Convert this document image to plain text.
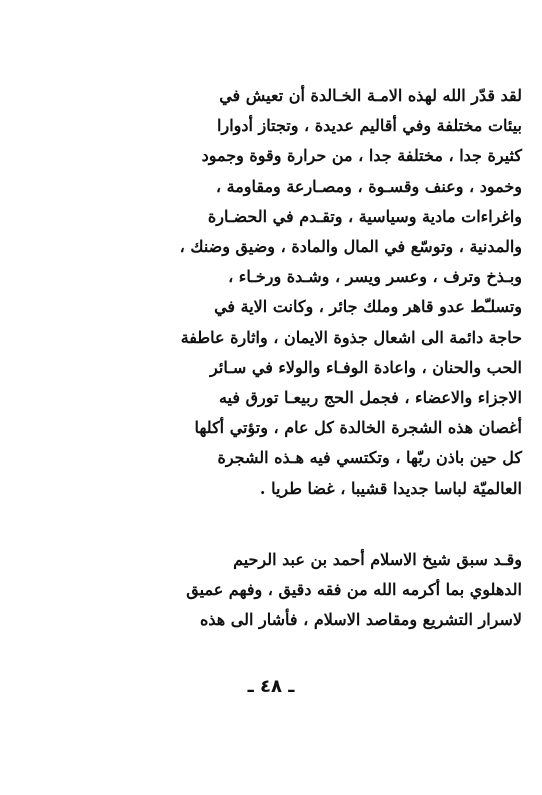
لقد قدّر الله لهذه الامـة الخـالدة أن تعيش في
بيئات مختلفة وفي أقاليم عديدة ، وتجتاز أدوارا
كثيرة جدا ، مختلفة جدا ، من حرارة وقوة وجمود
وخمود ، وعنف وقسـوة ، ومصـارعة ومقاومة ،
واغراءات مادية وسياسية ، وتقـدم في الحضـارة
والمدنية ، وتوسّع في المال والمادة ، وضيق وضنك ،
وبـذخ وترف ، وعسر ويسر ، وشـدة ورخـاء ،
وتسلـّط عدو قاهر وملك جائر ، وكانت الاية في
حاجة دائمة الى اشعال جذوة الايمان ، واثارة عاطفة
الحب والحنان ، واعادة الوفـاء والولاء في سـائر
الاجزاء والاعضاء ، فجمل الحج ربيعـا تورق فيه
أغصان هذه الشجرة الخالدة كل عام ، وتؤتي أكلها
كل حين باذن ربّها ، وتكتسي فيه هـذه الشجرة
العالميّة لباسا جديدا قشيبا ، غضا طريا .
وقـد سبق شيخ الاسلام أحمد بن عبد الرحيم
الدهلوي بما أكرمه الله من فقه دقيق ، وفهم عميق
لاسرار التشريع ومقاصد الاسلام ، فأشار الى هذه
ـ ٤٨ ـ
